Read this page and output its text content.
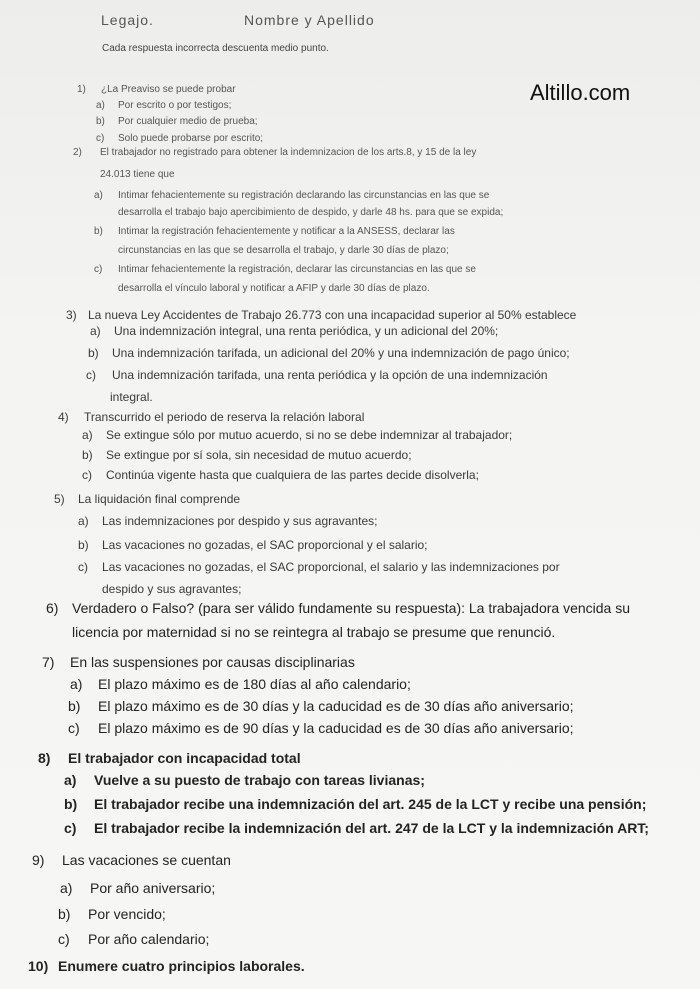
Legajo.	Nombre y Apellido
Cada respuesta incorrecta descuenta medio punto.
Altillo.com
1) ¿La Preaviso se puede probar
a) Por escrito o por testigos;
b) Por cualquier medio de prueba;
c) Solo puede probarse por escrito;
2) El trabajador no registrado para obtener la indemnizacion de los arts.8, y 15 de la ley
24.013 tiene que
a) Intimar fehacientemente su registración declarando las circunstancias en las que se
desarrolla el trabajo bajo apercibimiento de despido, y darle 48 hs. para que se expida;
b) Intimar la registración fehacientemente y notificar a la ANSESS, declarar las
circunstancias en las que se desarrolla el trabajo, y darle 30 días de plazo;
c) Intimar fehacientemente la registración, declarar las circunstancias en las que se
desarrolla el vínculo laboral y notificar a AFIP y darle 30 días de plazo.
3) La nueva Ley Accidentes de Trabajo 26.773 con una incapacidad superior al 50% establece
a) Una indemnización integral, una renta periódica, y un adicional del 20%;
b) Una indemnización tarifada, un adicional del 20% y una indemnización de pago único;
c) Una indemnización tarifada, una renta periódica y la opción de una indemnización
integral.
4) Transcurrido el periodo de reserva la relación laboral
a) Se extingue sólo por mutuo acuerdo, si no se debe indemnizar al trabajador;
b) Se extingue por sí sola, sin necesidad de mutuo acuerdo;
c) Continúa vigente hasta que cualquiera de las partes decide disolverla;
5) La liquidación final comprende
a) Las indemnizaciones por despido y sus agravantes;
b) Las vacaciones no gozadas, el SAC proporcional y el salario;
c) Las vacaciones no gozadas, el SAC proporcional, el salario y las indemnizaciones por
despido y sus agravantes;
6) Verdadero o Falso? (para ser válido fundamente su respuesta): La trabajadora vencida su
licencia por maternidad si no se reintegra al trabajo se presume que renunció.
7) En las suspensiones por causas disciplinarias
a) El plazo máximo es de 180 días al año calendario;
b) El plazo máximo es de 30 días y la caducidad es de 30 días año aniversario;
c) El plazo máximo es de 90 días y la caducidad es de 30 días año aniversario;
8) El trabajador con incapacidad total
a) Vuelve a su puesto de trabajo con tareas livianas;
b) El trabajador recibe una indemnización del art. 245 de la LCT y recibe una pensión;
c) El trabajador recibe la indemnización del art. 247 de la LCT y la indemnización ART;
9) Las vacaciones se cuentan
a) Por año aniversario;
b) Por vencido;
c) Por año calendario;
10) Enumere cuatro principios laborales.
